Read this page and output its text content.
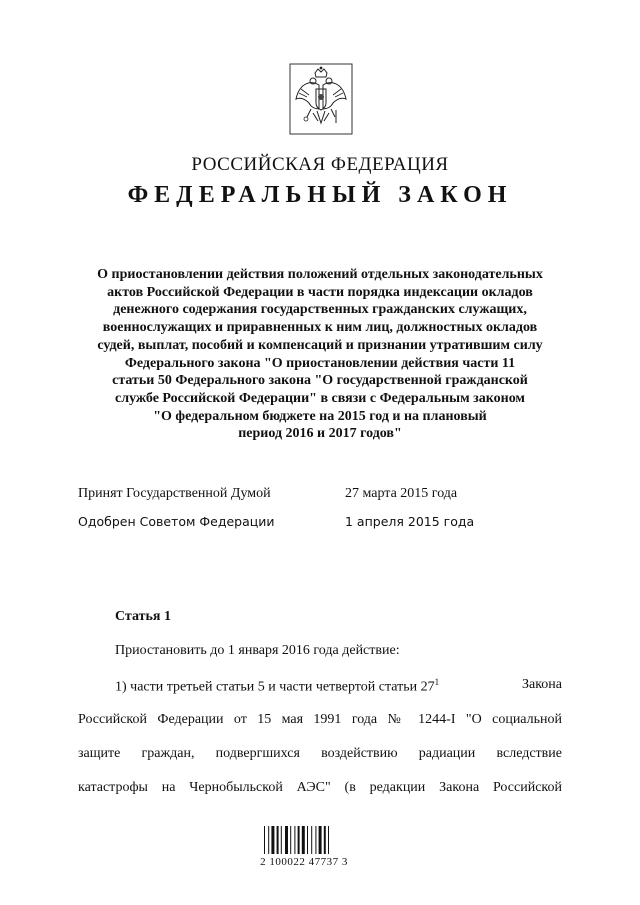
РОССИЙСКАЯ ФЕДЕРАЦИЯ
ФЕДЕРАЛЬНЫЙ ЗАКОН
О приостановлении действия положений отдельных законодательных
актов Российской Федерации в части порядка индексации окладов
денежного содержания государственных гражданских служащих,
военнослужащих и приравненных к ним лиц, должностных окладов
судей, выплат, пособий и компенсаций и признании утратившим силу
Федерального закона "О приостановлении действия части 11
статьи 50 Федерального закона "О государственной гражданской
службе Российской Федерации" в связи с Федеральным законом
"О федеральном бюджете на 2015 год и на плановый
период 2016 и 2017 годов"
Принят Государственной Думой	27 марта 2015 года
Одобрен Советом Федерации	1 апреля 2015 года
Статья 1
Приостановить до 1 января 2016 года действие:
1) части третьей статьи 5 и части четвертой статьи $27^1$	Закона
Российской Федерации от 15 мая 1991 года № 1244-I "О социальной
защите граждан, подвергшихся воздействию радиации вследствие
катастрофы на Чернобыльской АЭС" (в редакции Закона Российской
2 100022 47737 3
